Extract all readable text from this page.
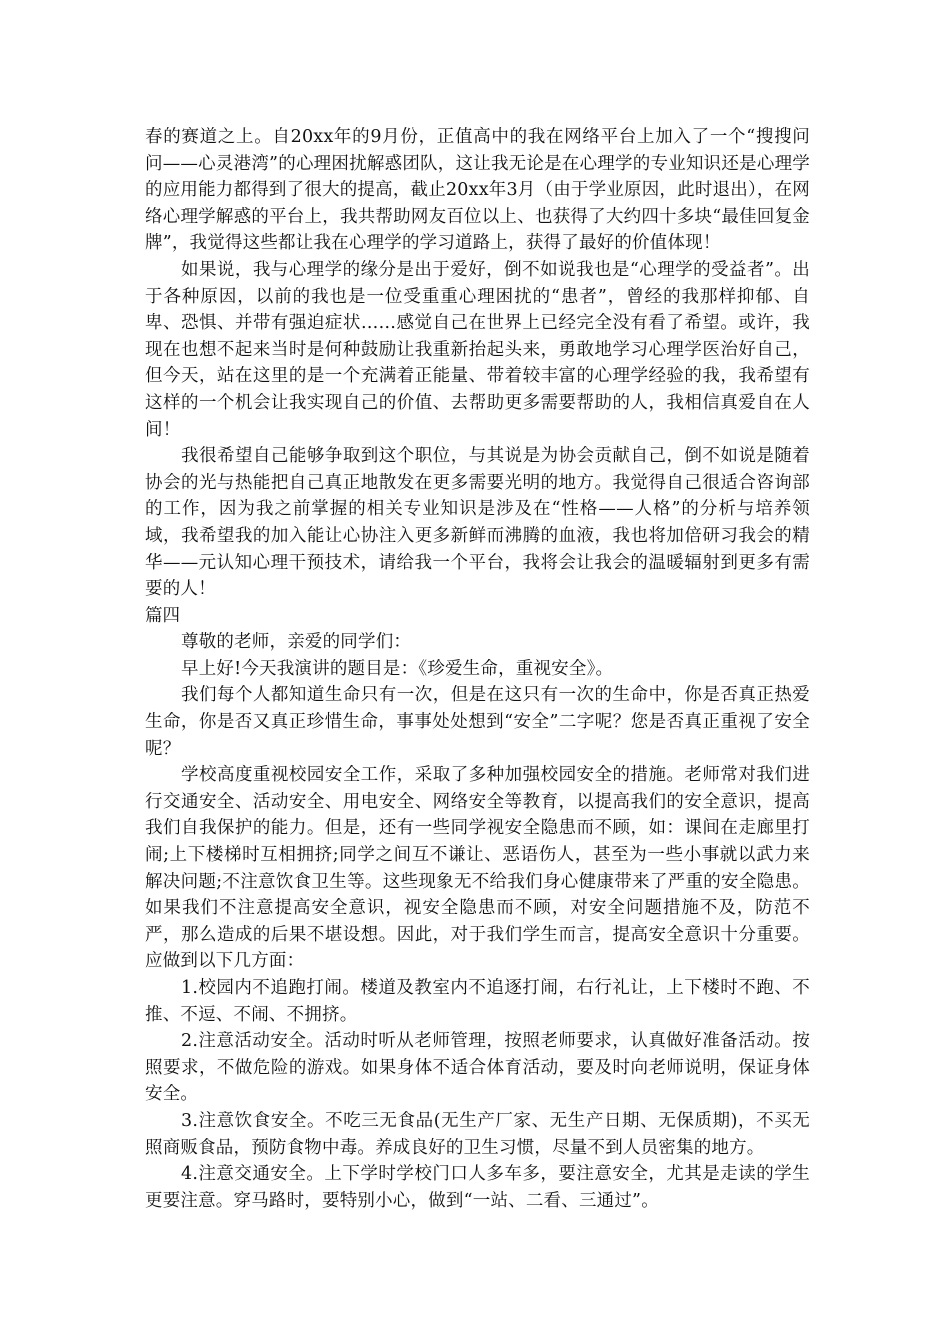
春的赛道之上。自20xx年的9月份，正值高中的我在网络平台上加入了一个“搜搜问问——心灵港湾”的心理困扰解惑团队，这让我无论是在心理学的专业知识还是心理学的应用能力都得到了很大的提高，截止20xx年3月（由于学业原因，此时退出），在网络心理学解惑的平台上，我共帮助网友百位以上、也获得了大约四十多块“最佳回复金牌”，我觉得这些都让我在心理学的学习道路上，获得了最好的价值体现！

如果说，我与心理学的缘分是出于爱好，倒不如说我也是“心理学的受益者”。出于各种原因，以前的我也是一位受重重心理困扰的“患者”，曾经的我那样抑郁、自卑、恐惧、并带有强迫症状……感觉自己在世界上已经完全没有看了希望。或许，我现在也想不起来当时是何种鼓励让我重新抬起头来，勇敢地学习心理学医治好自己，但今天，站在这里的是一个充满着正能量、带着较丰富的心理学经验的我，我希望有这样的一个机会让我实现自己的价值、去帮助更多需要帮助的人，我相信真爱自在人间！

我很希望自己能够争取到这个职位，与其说是为协会贡献自己，倒不如说是随着协会的光与热能把自己真正地散发在更多需要光明的地方。我觉得自己很适合咨询部的工作，因为我之前掌握的相关专业知识是涉及在“性格——人格”的分析与培养领域，我希望我的加入能让心协注入更多新鲜而沸腾的血液，我也将加倍研习我会的精华——元认知心理干预技术，请给我一个平台，我将会让我会的温暖辐射到更多有需要的人！

篇四

尊敬的老师，亲爱的同学们：

早上好!今天我演讲的题目是：《珍爱生命，重视安全》。

我们每个人都知道生命只有一次，但是在这只有一次的生命中，你是否真正热爱生命，你是否又真正珍惜生命，事事处处想到“安全”二字呢？您是否真正重视了安全呢？

学校高度重视校园安全工作，采取了多种加强校园安全的措施。老师常对我们进行交通安全、活动安全、用电安全、网络安全等教育，以提高我们的安全意识，提高我们自我保护的能力。但是，还有一些同学视安全隐患而不顾，如：课间在走廊里打闹;上下楼梯时互相拥挤;同学之间互不谦让、恶语伤人，甚至为一些小事就以武力来解决问题;不注意饮食卫生等。这些现象无不给我们身心健康带来了严重的安全隐患。如果我们不注意提高安全意识，视安全隐患而不顾，对安全问题措施不及，防范不严，那么造成的后果不堪设想。因此，对于我们学生而言，提高安全意识十分重要。应做到以下几方面：

1.校园内不追跑打闹。楼道及教室内不追逐打闹，右行礼让，上下楼时不跑、不推、不逗、不闹、不拥挤。

2.注意活动安全。活动时听从老师管理，按照老师要求，认真做好准备活动。按照要求，不做危险的游戏。如果身体不适合体育活动，要及时向老师说明，保证身体安全。

3.注意饮食安全。不吃三无食品(无生产厂家、无生产日期、无保质期)，不买无照商贩食品，预防食物中毒。养成良好的卫生习惯，尽量不到人员密集的地方。

4.注意交通安全。上下学时学校门口人多车多，要注意安全，尤其是走读的学生更要注意。穿马路时，要特别小心，做到“一站、二看、三通过”。
